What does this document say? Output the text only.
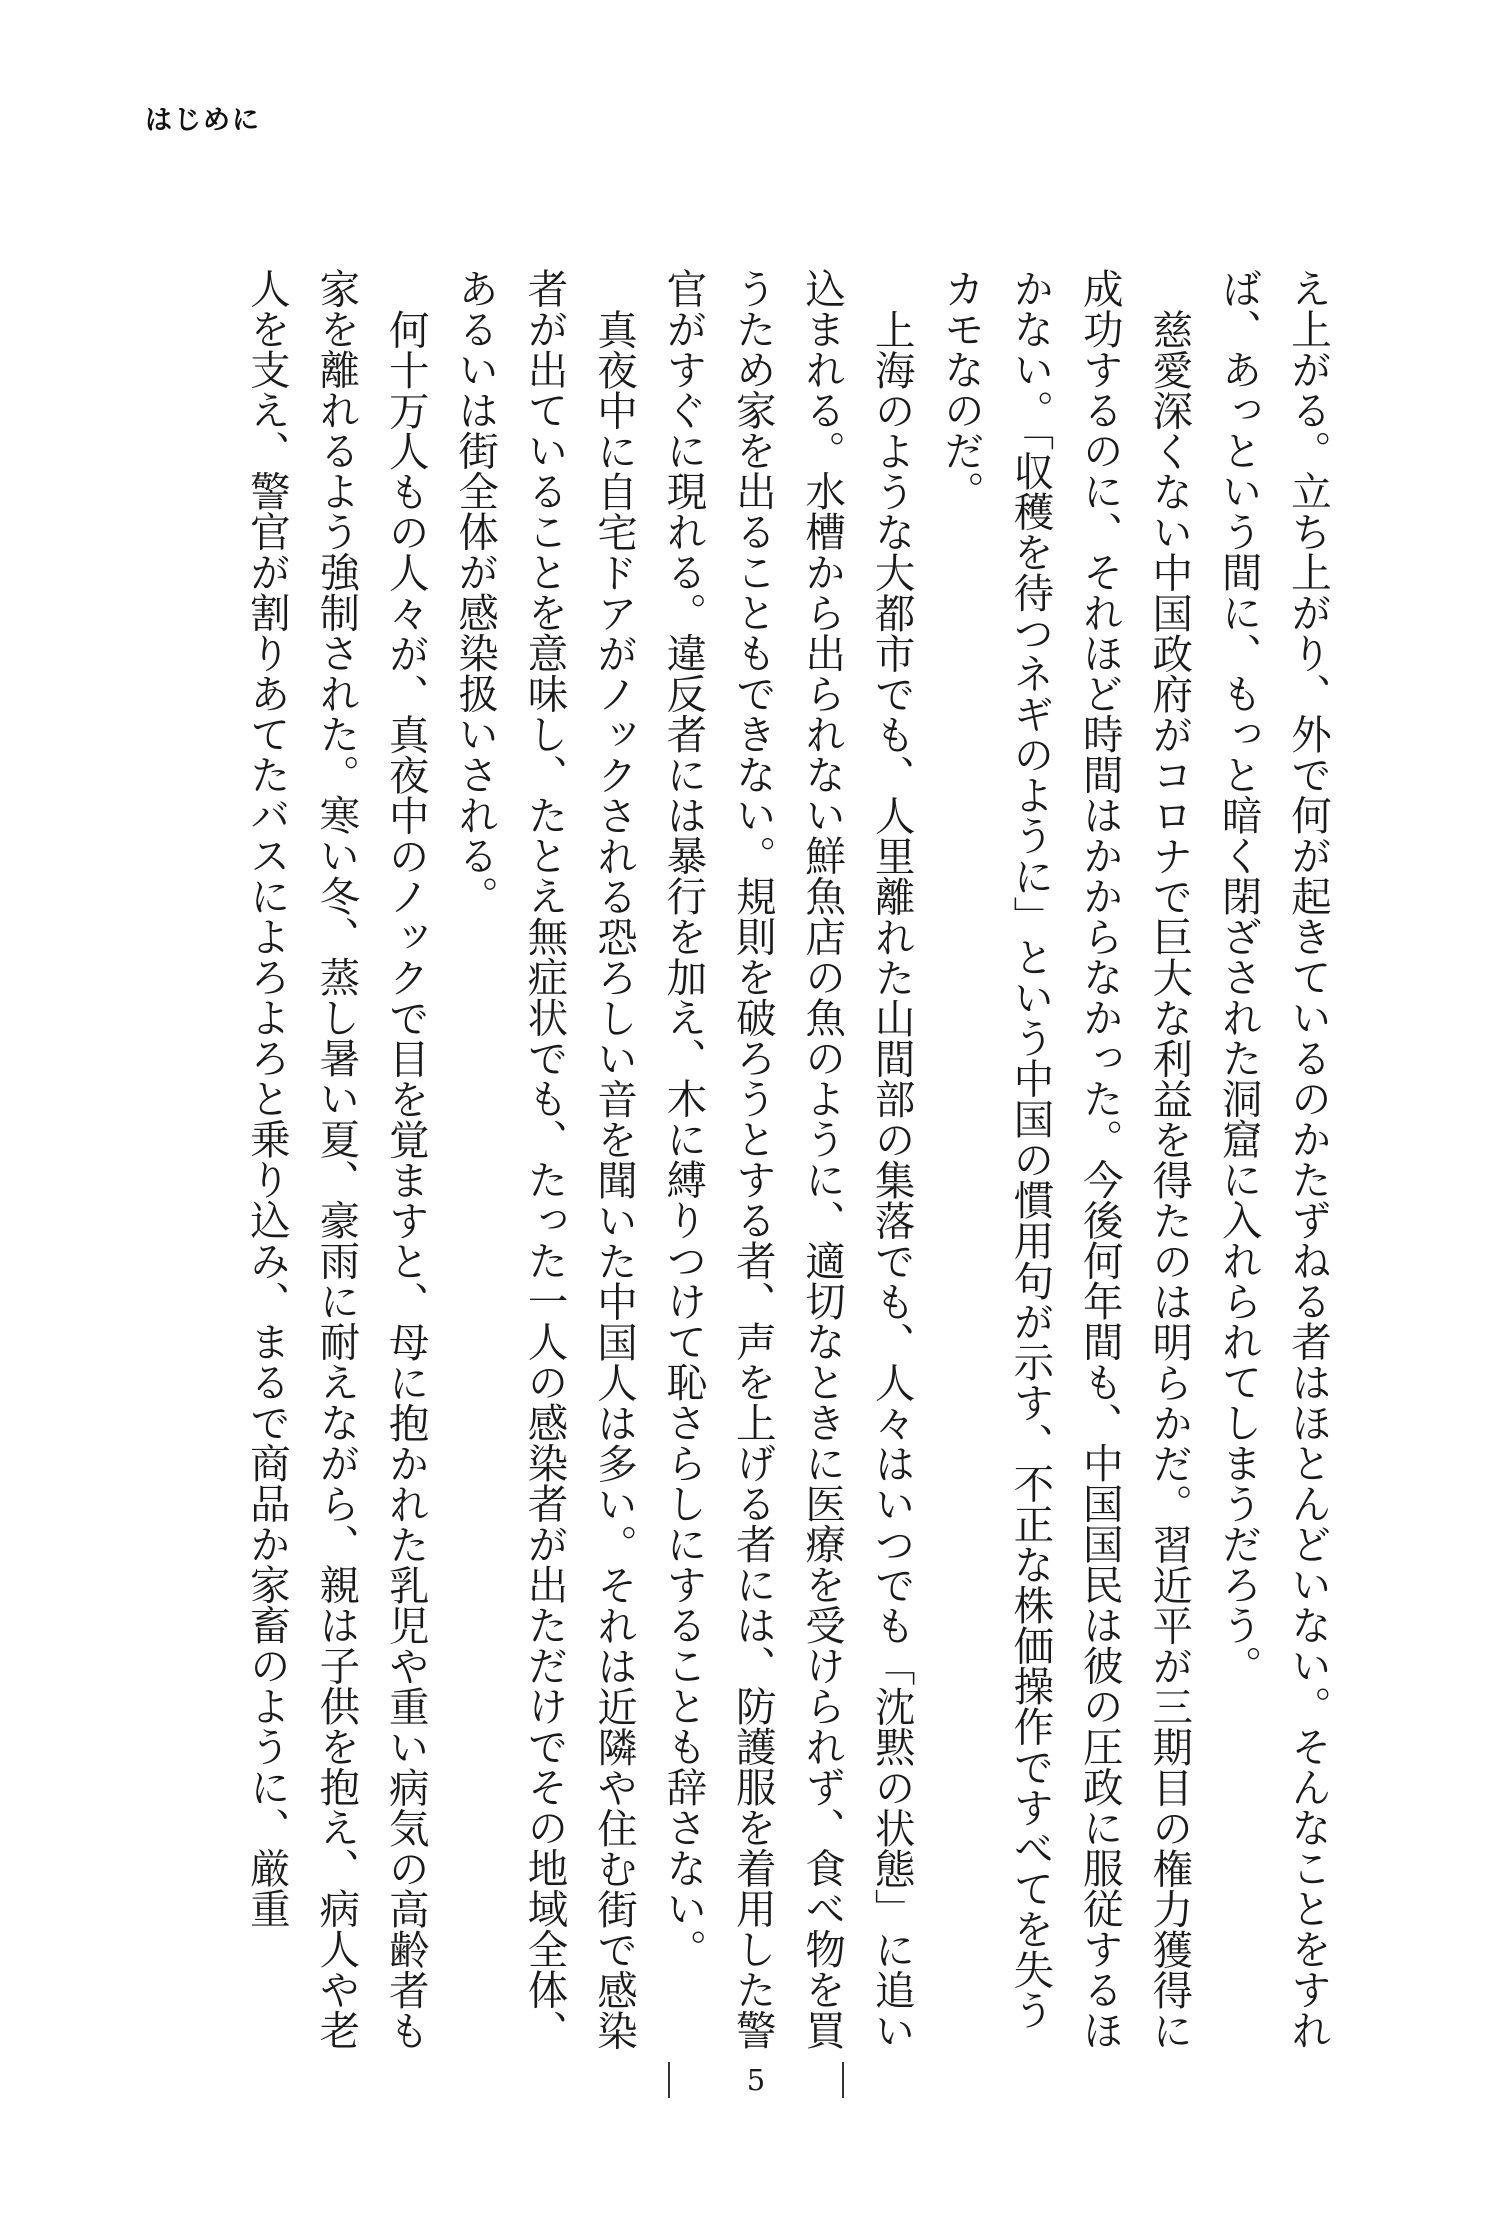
はじめに

え上がる。立ち上がり、外で何が起きているのかたずねる者はほとんどいない。そんなことをすれば、あっという間に、もっと暗く閉ざされた洞窟に入れられてしまうだろう。

慈愛深くない中国政府がコロナで巨大な利益を得たのは明らかだ。習近平が三期目の権力獲得に成功するのに、それほど時間はかからなかった。今後何年間も、中国国民は彼の圧政に服従するほかない。「収穫を待つネギのように」という中国の慣用句が示す、不正な株価操作ですべてを失うカモなのだ。

上海のような大都市でも、人里離れた山間部の集落でも、人々はいつでも「沈黙の状態」に追い込まれる。水槽から出られない鮮魚店の魚のように、適切なときに医療を受けられず、食べ物を買うため家を出ることもできない。規則を破ろうとする者、声を上げる者には、防護服を着用した警官がすぐに現れる。違反者には暴行を加え、木に縛りつけて恥さらしにすることも辞さない。

真夜中に自宅ドアがノックされる恐ろしい音を聞いた中国人は多い。それは近隣や住む街で感染者が出ていることを意味し、たとえ無症状でも、たった一人の感染者が出ただけでその地域全体、あるいは街全体が感染扱いされる。

何十万人もの人々が、真夜中のノックで目を覚ますと、母に抱かれた乳児や重い病気の高齢者も家を離れるよう強制された。寒い冬、蒸し暑い夏、豪雨に耐えながら、親は子供を抱え、病人や老人を支え、警官が割りあてたバスによろよろと乗り込み、まるで商品か家畜のように、厳重

5
